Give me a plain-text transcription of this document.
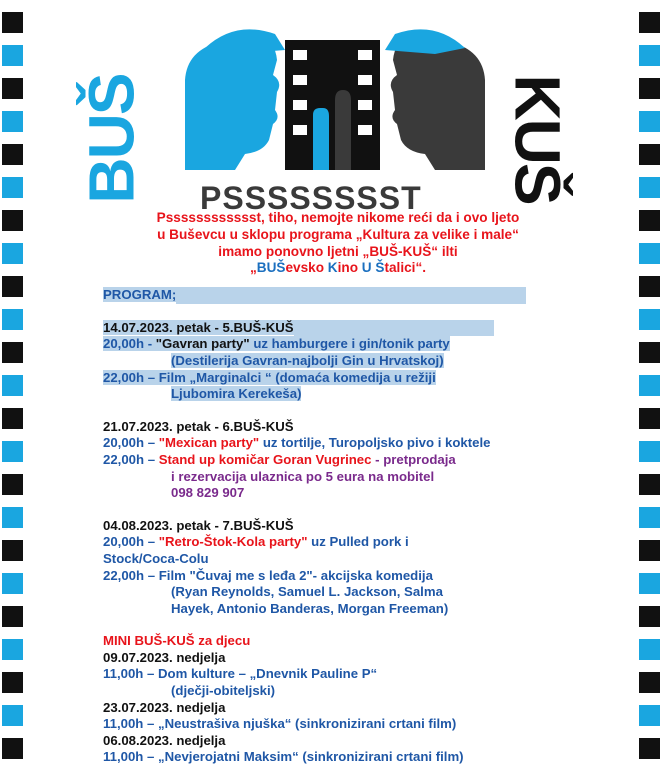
BUŠ	KUŠ
PSSSSSSSST
Psssssssssssst, tiho, nemojte nikome reći da i ovo ljeto
u Buševcu u sklopu programa „Kultura za velike i male“
imamo ponovno ljetni „BUŠ-KUŠ“ ilti
„BUŠevsko Kino U Štalici“.
PROGRAM;
14.07.2023. petak - 5.BUŠ-KUŠ
20,00h - "Gavran party" uz hamburgere i gin/tonik party
(Destilerija Gavran-najbolji Gin u Hrvatskoj)
22,00h – Film „Marginalci “ (domaća komedija u režiji
Ljubomira Kerekeša)
21.07.2023. petak - 6.BUŠ-KUŠ
20,00h – "Mexican party" uz tortilje, Turopoljsko pivo i koktele
22,00h – Stand up komičar Goran Vugrinec - pretprodaja
i rezervacija ulaznica po 5 eura na mobitel
098 829 907
04.08.2023. petak - 7.BUŠ-KUŠ
20,00h – "Retro-Štok-Kola party" uz Pulled pork i
Stock/Coca-Colu
22,00h – Film "Čuvaj me s leđa 2"- akcijska komedija
(Ryan Reynolds, Samuel L. Jackson, Salma
Hayek, Antonio Banderas, Morgan Freeman)
MINI BUŠ-KUŠ za djecu
09.07.2023. nedjelja
11,00h – Dom kulture – „Dnevnik Pauline P“
(dječji-obiteljski)
23.07.2023. nedjelja
11,00h – „Neustrašiva njuška“ (sinkronizirani crtani film)
06.08.2023. nedjelja
11,00h – „Nevjerojatni Maksim“ (sinkronizirani crtani film)
